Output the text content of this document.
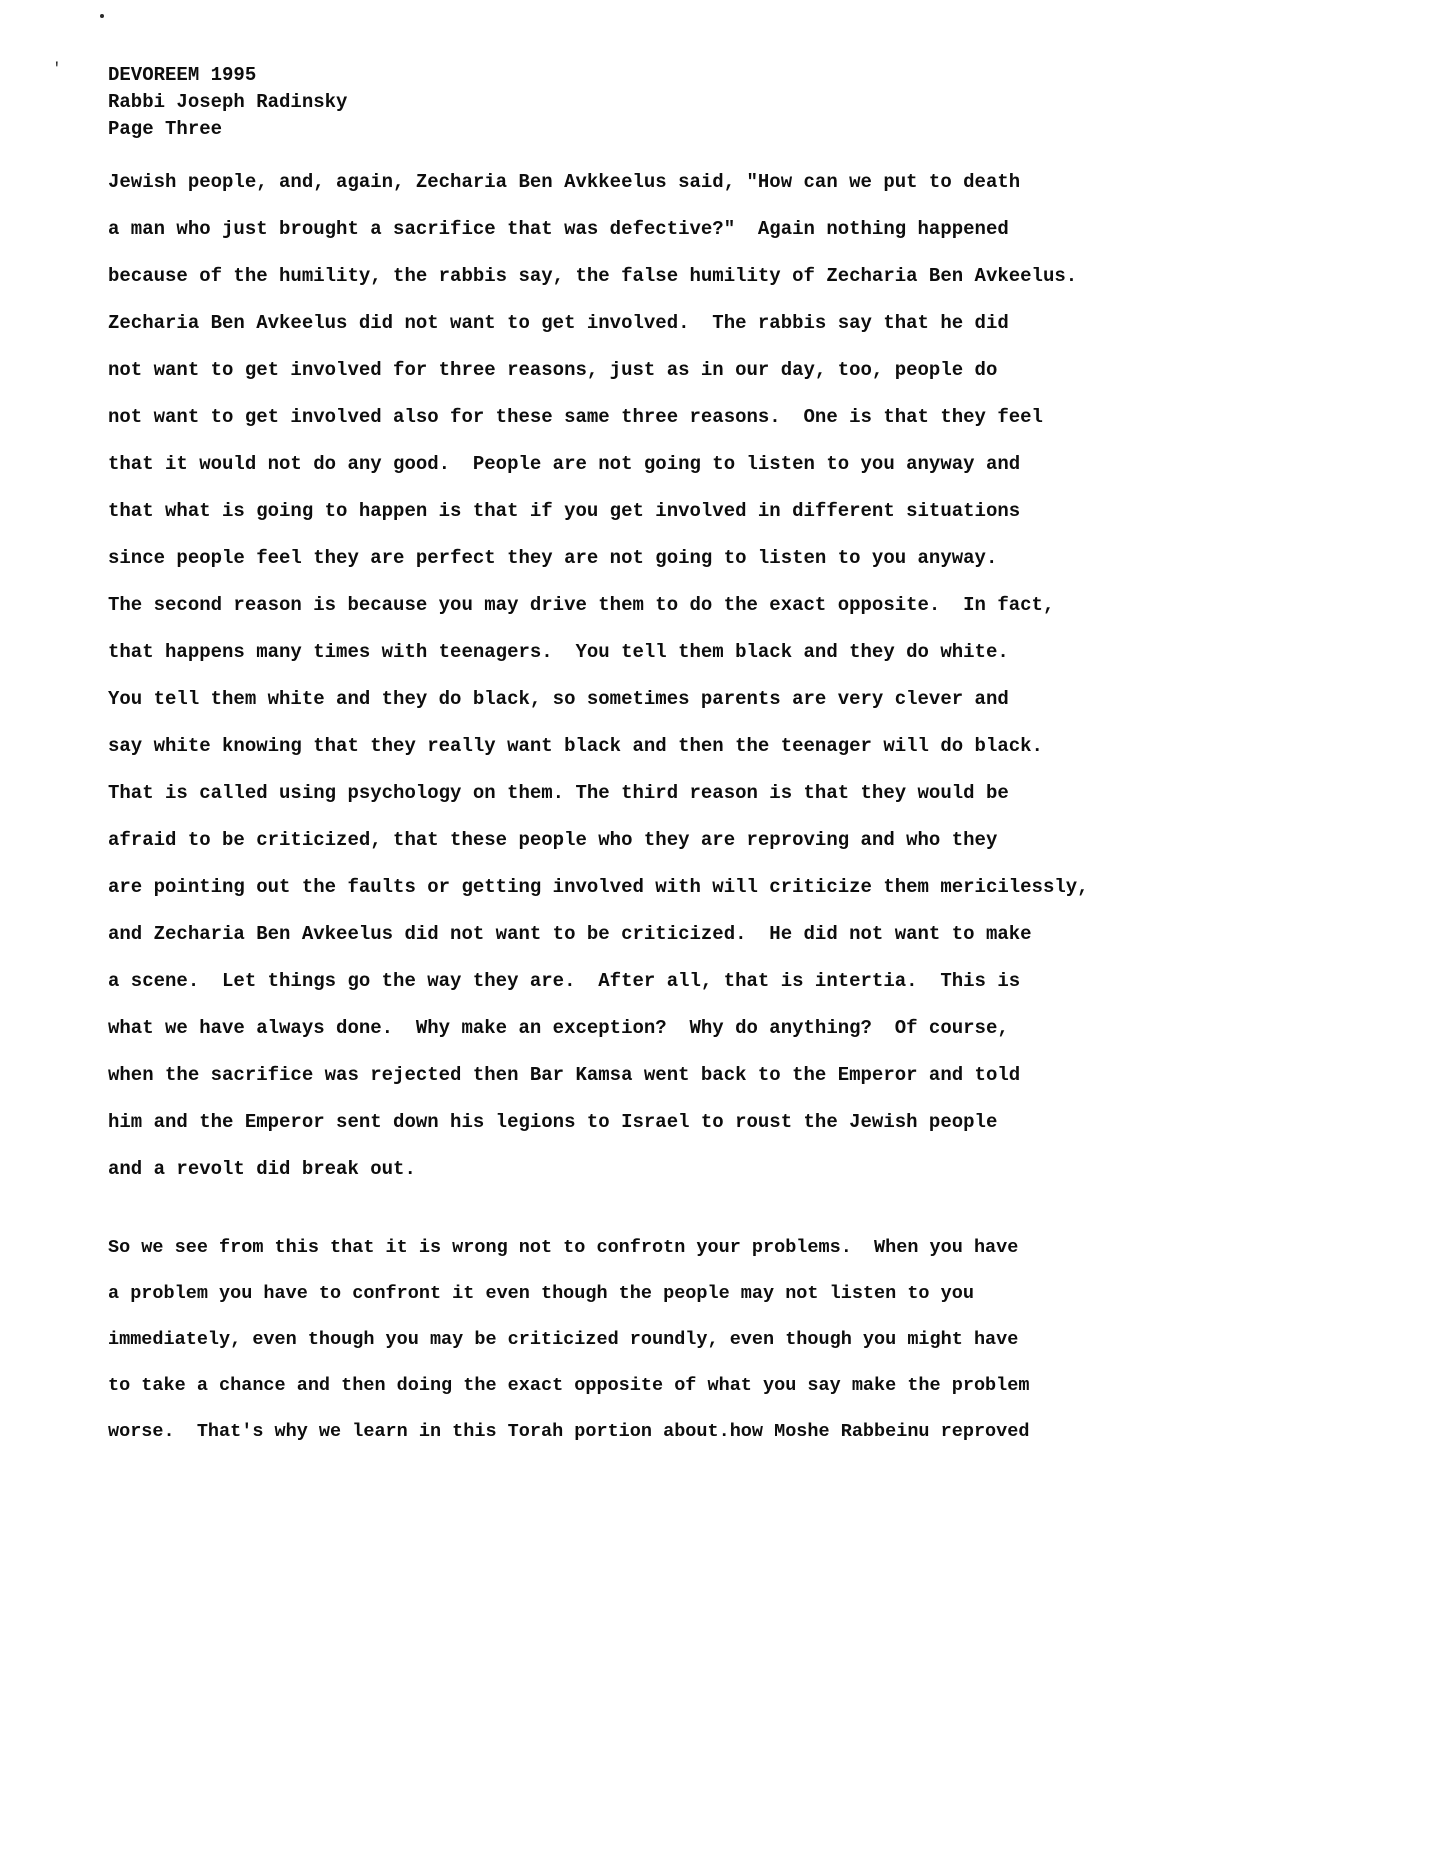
' DEVOREEM 1995
Rabbi Joseph Radinsky
Page Three
Jewish people, and, again, Zecharia Ben Avkkeelus said, "How can we put to death
a man who just brought a sacrifice that was defective?"  Again nothing happened
because of the humility, the rabbis say, the false humility of Zecharia Ben Avkeelus.
Zecharia Ben Avkeelus did not want to get involved.  The rabbis say that he did
not want to get involved for three reasons, just as in our day, too, people do
not want to get involved also for these same three reasons.  One is that they feel
that it would not do any good.  People are not going to listen to you anyway and
that what is going to happen is that if you get involved in different situations
since people feel they are perfect they are not going to listen to you anyway.
The second reason is because you may drive them to do the exact opposite.  In fact,
that happens many times with teenagers.  You tell them black and they do white.
You tell them white and they do black, so sometimes parents are very clever and
say white knowing that they really want black and then the teenager will do black.
That is called using psychology on them. The third reason is that they would be
afraid to be criticized, that these people who they are reproving and who they
are pointing out the faults or getting involved with will criticize them mericilessly,
and Zecharia Ben Avkeelus did not want to be criticized.  He did not want to make
a scene.  Let things go the way they are.  After all, that is intertia.  This is
what we have always done.  Why make an exception?  Why do anything?  Of course,
when the sacrifice was rejected then Bar Kamsa went back to the Emperor and told
him and the Emperor sent down his legions to Israel to roust the Jewish people
and a revolt did break out.
So we see from this that it is wrong not to confrotn your problems.  When you have
a problem you have to confront it even though the people may not listen to you
immediately, even though you may be criticized roundly, even though you might have
to take a chance and then doing the exact opposite of what you say make the problem
worse.  That's why we learn in this Torah portion about.how Moshe Rabbeinu reproved
